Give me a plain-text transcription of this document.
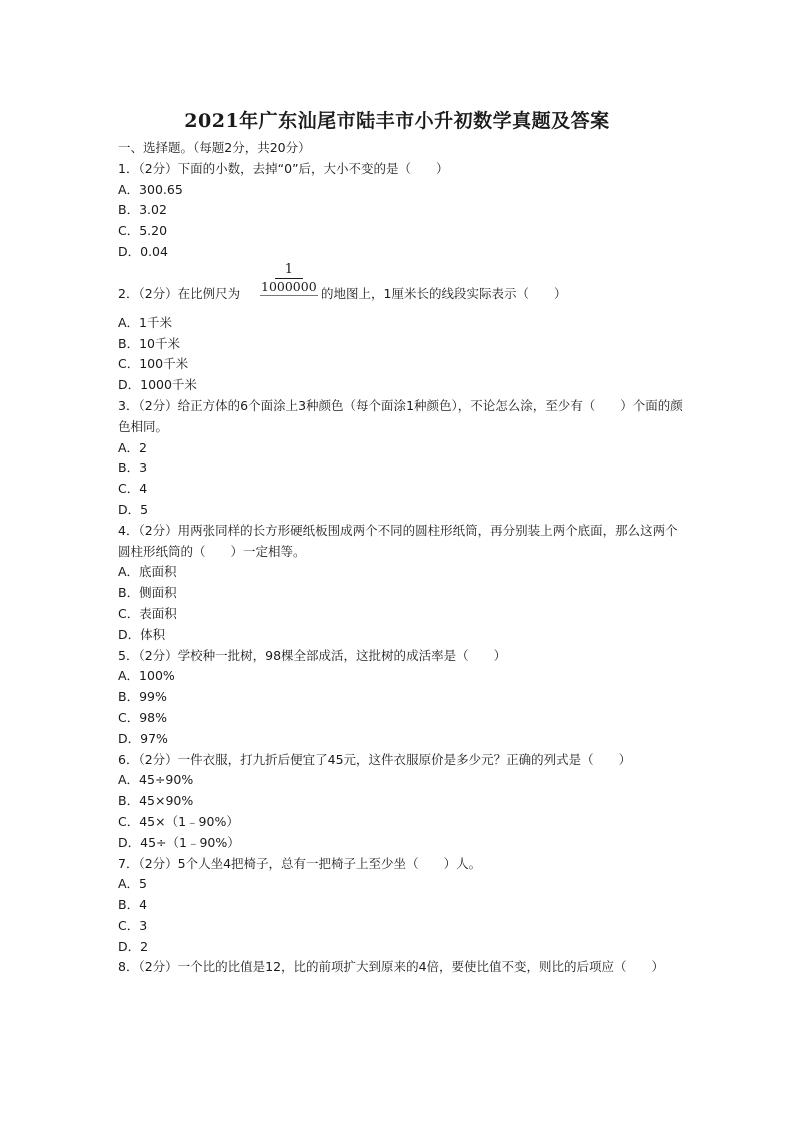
2021年广东汕尾市陆丰市小升初数学真题及答案
一、选择题。（每题2分，共20分）
1．（2分）下面的小数，去掉“0”后，大小不变的是（　　）
A．300.65
B．3.02
C．5.20
D．0.04
$\frac{1}{1000000}$
2．（2分）在比例尺为	的地图上，1厘米长的线段实际表示（　　）
A．1千米
B．10千米
C．100千米
D．1000千米
3．（2分）给正方体的6个面涂上3种颜色（每个面涂1种颜色），不论怎么涂，至少有（　　）个面的颜色相同。
A．2
B．3
C．4
D．5
4．（2分）用两张同样的长方形硬纸板围成两个不同的圆柱形纸筒，再分别装上两个底面，那么这两个圆柱形纸筒的（　　）一定相等。
A．底面积
B．侧面积
C．表面积
D．体积
5．（2分）学校种一批树，98棵全部成活，这批树的成活率是（　　）
A．100%
B．99%
C．98%
D．97%
6．（2分）一件衣服，打九折后便宜了45元，这件衣服原价是多少元？正确的列式是（　　）
A．45÷90%
B．45×90%
C．45×（1﹣90%）
D．45÷（1﹣90%）
7．（2分）5个人坐4把椅子，总有一把椅子上至少坐（　　）人。
A．5
B．4
C．3
D．2
8．（2分）一个比的比值是12，比的前项扩大到原来的4倍，要使比值不变，则比的后项应（　　）
